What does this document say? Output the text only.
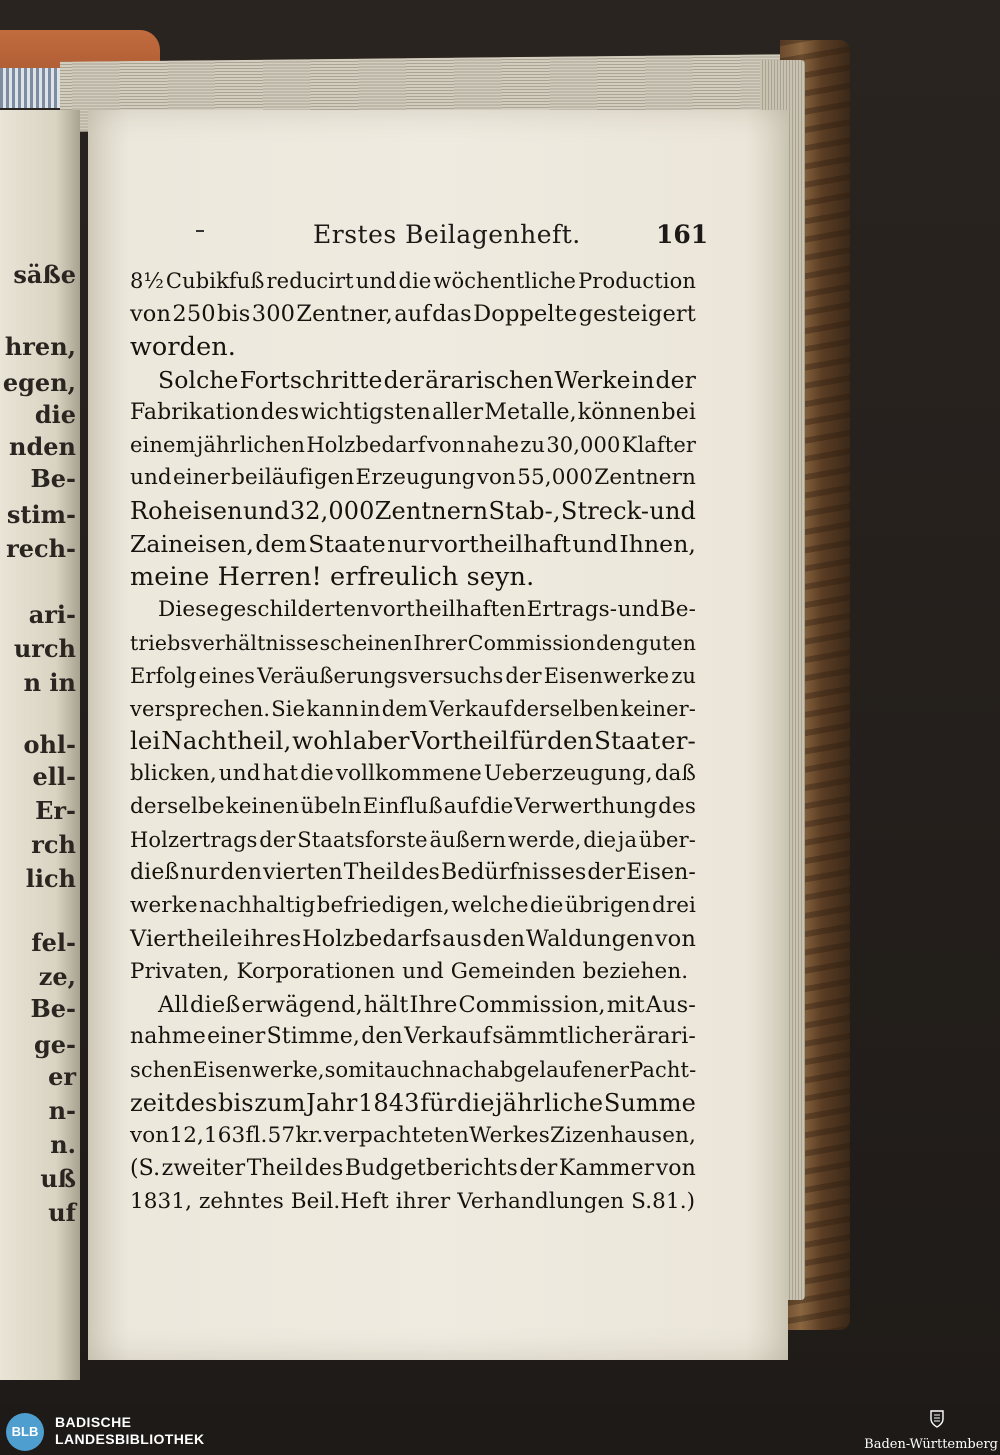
säße
hren,
egen,
die
nden
Be-
stim-
rech-
ari-
urch
n in
ohl-
ell-
Er-
rch
lich
fel-
ze,
Be-
ge-
er
n-
n.
uß
uf
Erstes Beilagenheft.	161
8½ Cubikfuß reducirt und die wöchentliche Production
von 250 bis 300 Zentner, auf das Doppelte gesteigert
worden.
Solche Fortschritte der ärarischen Werke in der
Fabrikation des wichtigsten aller Metalle, können bei
einem jährlichen Holzbedarf von nahe zu 30,000 Klafter
und einer beiläufigen Erzeugung von 55,000 Zentnern
Roheisen und 32,000 Zentnern Stab-, Streck- und
Zaineisen, dem Staate nur vortheilhaft und Ihnen,
meine Herren! erfreulich seyn.
Diese geschilderten vortheilhaften Ertrags- und Be-
triebsverhältnisse scheinen Ihrer Commission den guten
Erfolg eines Veräußerungsversuchs der Eisenwerke zu
versprechen. Sie kann in dem Verkauf derselben keiner-
lei Nachtheil, wohl aber Vortheil für den Staat er-
blicken, und hat die vollkommene Ueberzeugung, daß
derselbe keinen übeln Einfluß auf die Verwerthung des
Holzertrags der Staatsforste äußern werde, die ja über-
dieß nur den vierten Theil des Bedürfnisses der Eisen-
werke nachhaltig befriedigen, welche die übrigen drei
Viertheile ihres Holzbedarfs aus den Waldungen von
Privaten, Korporationen und Gemeinden beziehen.
All dieß erwägend, hält Ihre Commission, mit Aus-
nahme einer Stimme, den Verkauf sämmtlicher ärari-
schen Eisenwerke, somit auch nach abgelaufener Pacht-
zeit des bis zum Jahr 1843 für die jährliche Summe
von 12,163 fl. 57 kr. verpachteten Werkes Zizenhausen,
(S. zweiter Theil des Budgetberichts der Kammer von
1831, zehntes Beil.Heft ihrer Verhandlungen S.81.)
BLB
BADISCHE
LANDESBIBLIOTHEK	Baden-Württemberg
